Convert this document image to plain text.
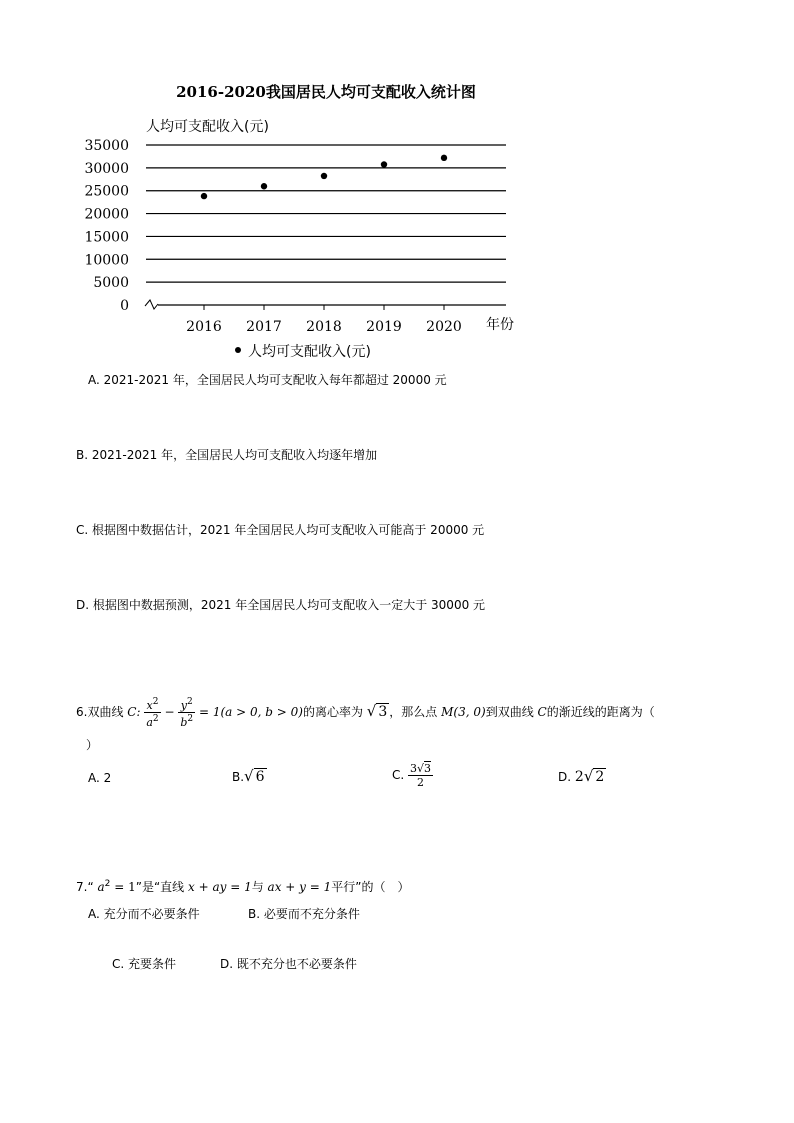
2016-2020我国居民人均可支配收入统计图
人均可支配收入(元)
0
5000
10000
15000
20000
25000
30000
35000
2016 2017 2018 2019 2020 年份
人均可支配收入(元)
A. 2021-2021 年，全国居民人均可支配收入每年都超过 20000 元
B. 2021-2021 年，全国居民人均可支配收入均逐年增加
C. 根据图中数据估计，2021 年全国居民人均可支配收入可能高于 20000 元
D. 根据图中数据预测，2021 年全国居民人均可支配收入一定大于 30000 元
6.双曲线 C: $\frac{x^2}{a^2} - \frac{y^2}{b^2} = 1(a > 0$, b > 0)的离心率为 √ 3 ，那么点 M(3, 0)到双曲线 C的渐近线的距离为（
）
A. 2	B.√ 6	C. $\frac{3√3}{2}$	D. 2√ 2
7.“ $a^2 = 1$”是“直线 x + ay = 1与 ax + y = 1平行”的（　）
A. 充分而不必要条件	B. 必要而不充分条件
C. 充要条件	D. 既不充分也不必要条件
